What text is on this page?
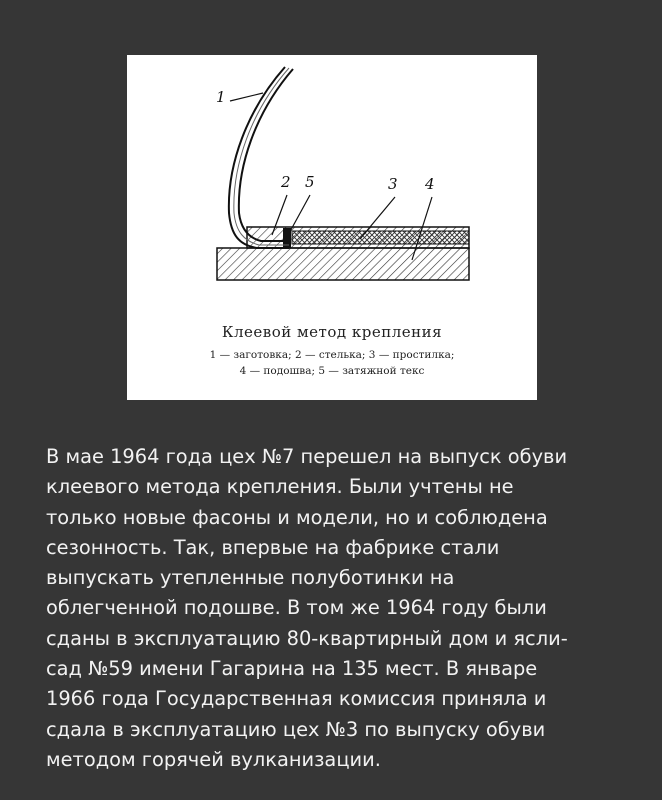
1
2 5	3 4
Клеевой метод крепления
1 — заготовка; 2 — стелька; 3 — простилка;
4 — подошва; 5 — затяжной текс

В мае 1964 года цех №7 перешел на выпуск обуви
клеевого метода крепления. Были учтены не
только новые фасоны и модели, но и соблюдена
сезонность. Так, впервые на фабрике стали
выпускать утепленные полуботинки на
облегченной подошве. В том же 1964 году были
сданы в эксплуатацию 80-квартирный дом и ясли-
сад №59 имени Гагарина на 135 мест. В январе
1966 года Государственная комиссия приняла и
сдала в эксплуатацию цех №3 по выпуску обуви
методом горячей вулканизации.
